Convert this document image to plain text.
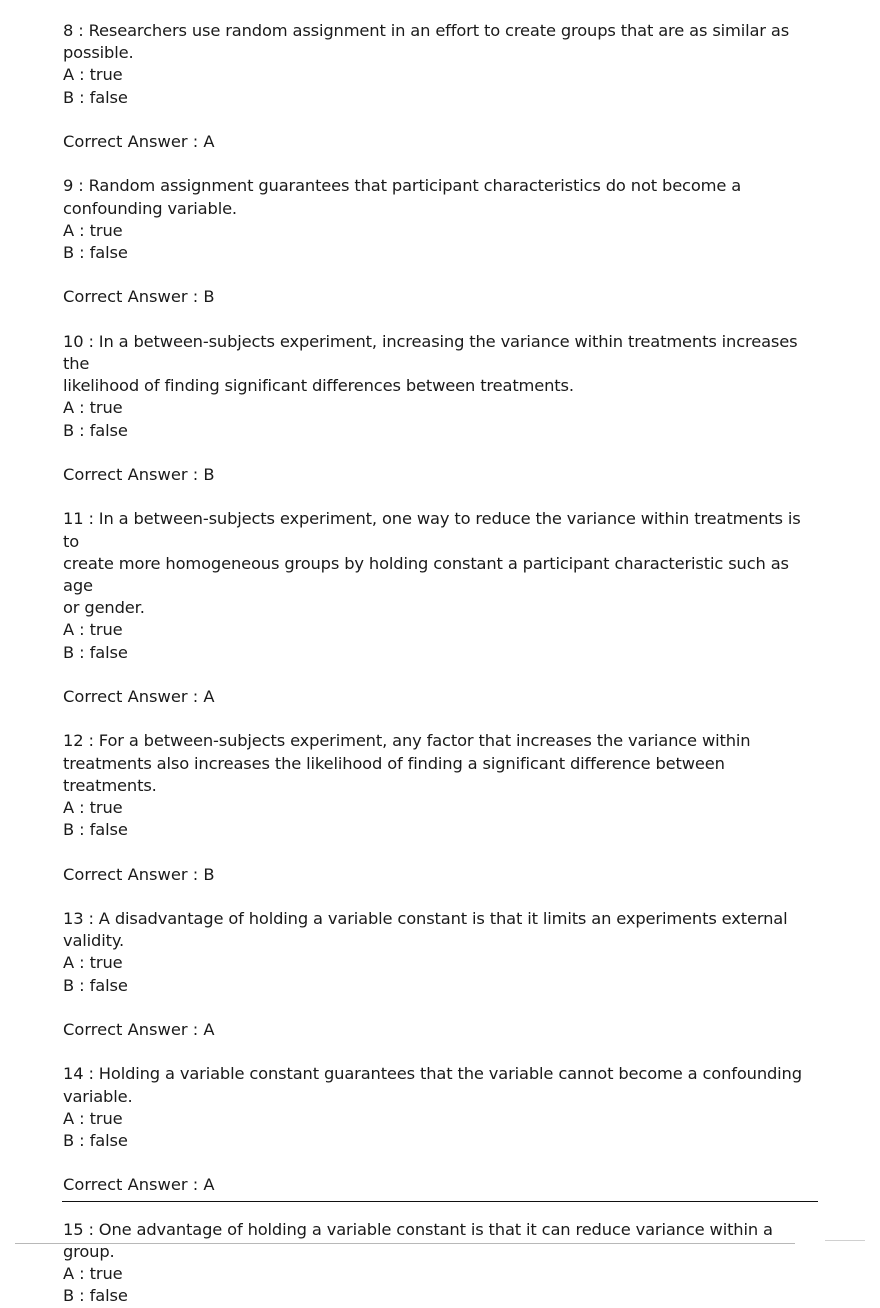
8 : Researchers use random assignment in an effort to create groups that are as similar as
possible.
A : true
B : false
Correct Answer : A
9 : Random assignment guarantees that participant characteristics do not become a
confounding variable.
A : true
B : false
Correct Answer : B
10 : In a between-subjects experiment, increasing the variance within treatments increases the
likelihood of finding significant differences between treatments.
A : true
B : false
Correct Answer : B
11 : In a between-subjects experiment, one way to reduce the variance within treatments is to
create more homogeneous groups by holding constant a participant characteristic such as age
or gender.
A : true
B : false
Correct Answer : A
12 : For a between-subjects experiment, any factor that increases the variance within
treatments also increases the likelihood of finding a significant difference between treatments.
A : true
B : false
Correct Answer : B
13 : A disadvantage of holding a variable constant is that it limits an experiments external
validity.
A : true
B : false
Correct Answer : A
14 : Holding a variable constant guarantees that the variable cannot become a confounding
variable.
A : true
B : false
Correct Answer : A
15 : One advantage of holding a variable constant is that it can reduce variance within a group.
A : true
B : false
